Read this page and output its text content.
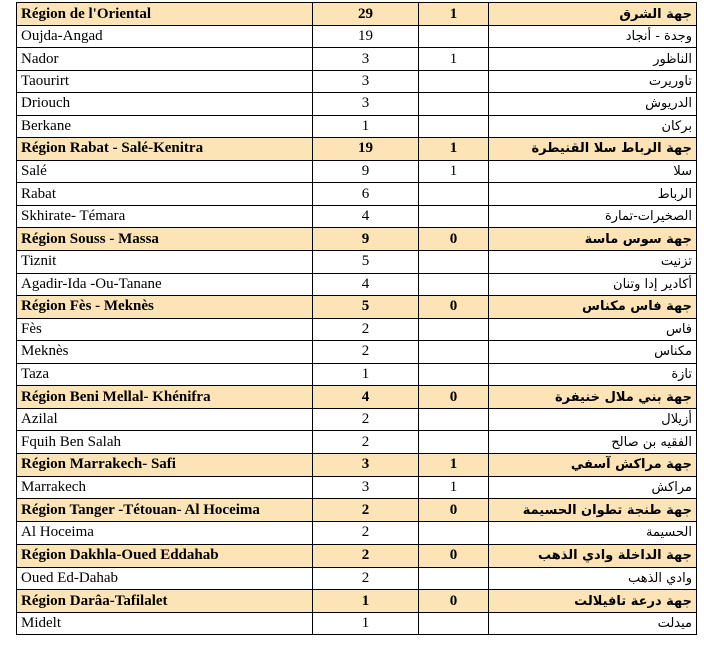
Région de l'Oriental	29	1	جهة الشرق
Oujda-Angad	19		وجدة - أنجاد
Nador	3	1	الناظور
Taourirt	3		تاوريرت
Driouch	3		الدريوش
Berkane	1		بركان
Région Rabat - Salé-Kenitra	19	1	جهة الرباط سلا القنيطرة
Salé	9	1	سلا
Rabat	6		الرباط
Skhirate- Témara	4		الصخيرات-تمارة
Région Souss - Massa	9	0	جهة سوس ماسة
Tiznit	5		تزنيت
Agadir-Ida -Ou-Tanane	4		أكادير إدا وتنان
Région Fès - Meknès	5	0	جهة فاس مكناس
Fès	2		فاس
Meknès	2		مكناس
Taza	1		تازة
Région Beni Mellal- Khénifra	4	0	جهة بني ملال خنيفرة
Azilal	2		أزيلال
Fquih Ben Salah	2		الفقيه بن صالح
Région Marrakech- Safi	3	1	جهة مراكش آسفي
Marrakech	3	1	مراكش
Région Tanger -Tétouan- Al Hoceima	2	0	جهة طنجة تطوان الحسيمة
Al Hoceima	2		الحسيمة
Région Dakhla-Oued Eddahab	2	0	جهة الداخلة وادي الذهب
Oued Ed-Dahab	2		وادي الذهب
Région Darâa-Tafilalet	1	0	جهة درعة تافيلالت
Midelt	1		ميدلت
